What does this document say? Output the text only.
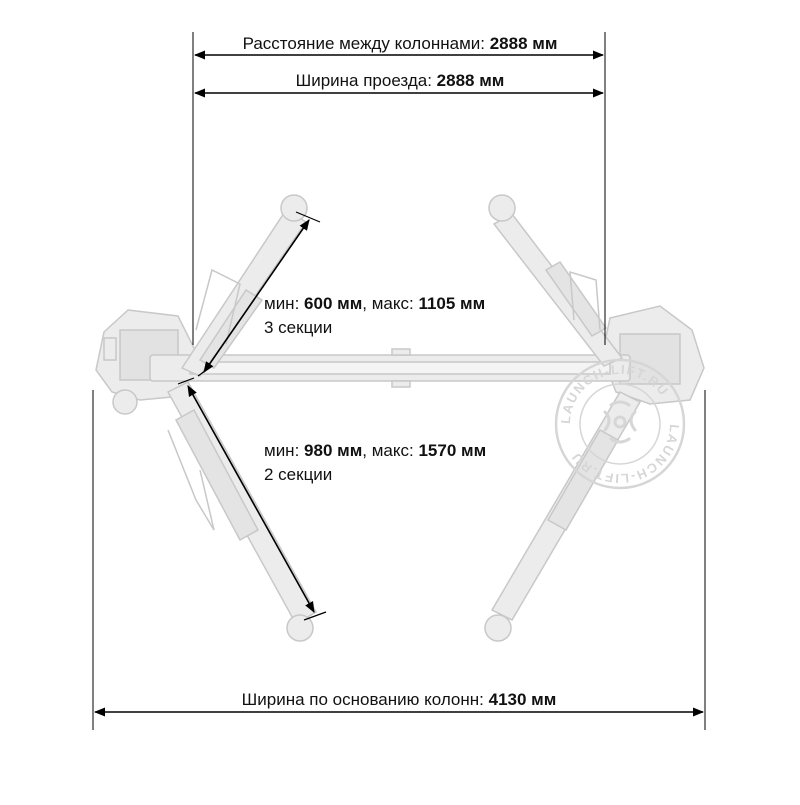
Расстояние между колоннами: 2888 мм
Ширина проезда: 2888 мм
мин: 600 мм, макс: 1105 мм
3 секции
мин: 980 мм, макс: 1570 мм
2 секции
Ширина по основанию колонн: 4130 мм
LAUNCH-LIFT.RU
LAUNCH-LIFT.RU
